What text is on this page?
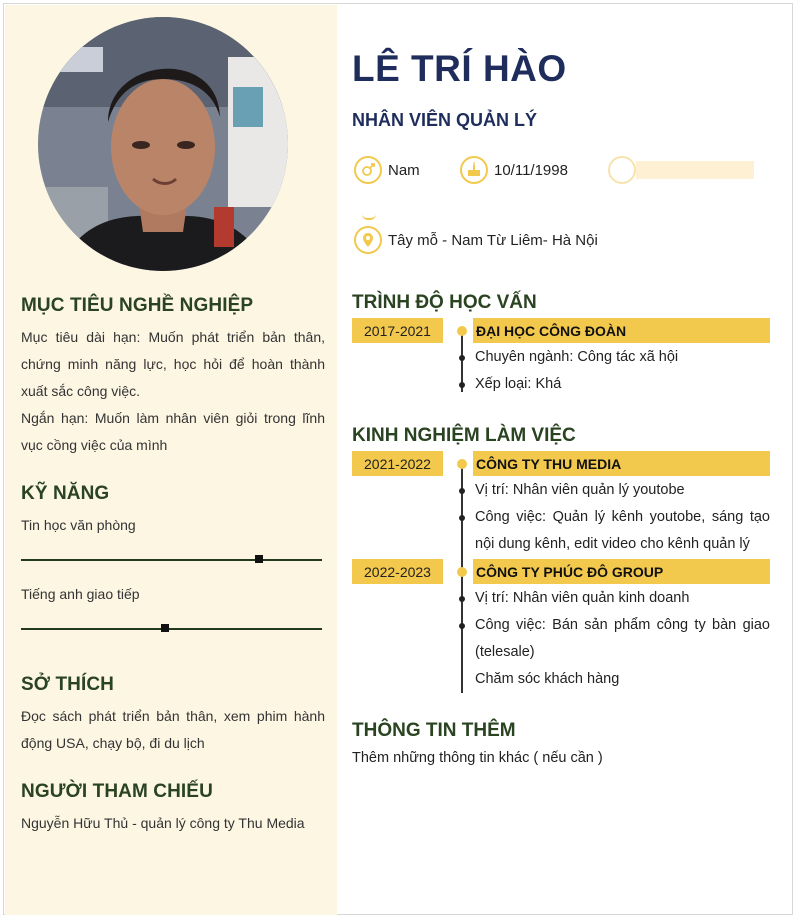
MỤC TIÊU NGHỀ NGHIỆP
Mục tiêu dài hạn: Muốn phát triển bản thân, chứng minh năng lực, học hỏi để hoàn thành xuất sắc công việc.
Ngắn hạn: Muốn làm nhân viên giỏi trong lĩnh vục cồng việc của mình
KỸ NĂNG
Tin học văn phòng
Tiếng anh giao tiếp
SỞ THÍCH
Đọc sách phát triển bản thân, xem phim hành động USA, chạy bộ, đi du lịch
NGƯỜI THAM CHIẾU
Nguyễn Hữu Thủ - quản lý công ty Thu Media
LÊ TRÍ HÀO
NHÂN VIÊN QUẢN LÝ
Nam	10/11/1998
Tây mỗ - Nam Từ Liêm- Hà Nội
TRÌNH ĐỘ HỌC VẤN
2017-2021	ĐẠI HỌC CÔNG ĐOÀN
Chuyên ngành: Công tác xã hội
Xếp loại: Khá
KINH NGHIỆM LÀM VIỆC
2021-2022	CÔNG TY THU MEDIA
Vị trí: Nhân viên quản lý youtobe
Công việc: Quản lý kênh youtobe, sáng tạo nội dung kênh, edit video cho kênh quản lý
2022-2023	CÔNG TY PHÚC ĐÔ GROUP
Vị trí: Nhân viên quản kinh doanh
Công việc: Bán sản phẩm công ty bàn giao (telesale)
Chăm sóc khách hàng
THÔNG TIN THÊM
Thêm những thông tin khác ( nếu cần )
